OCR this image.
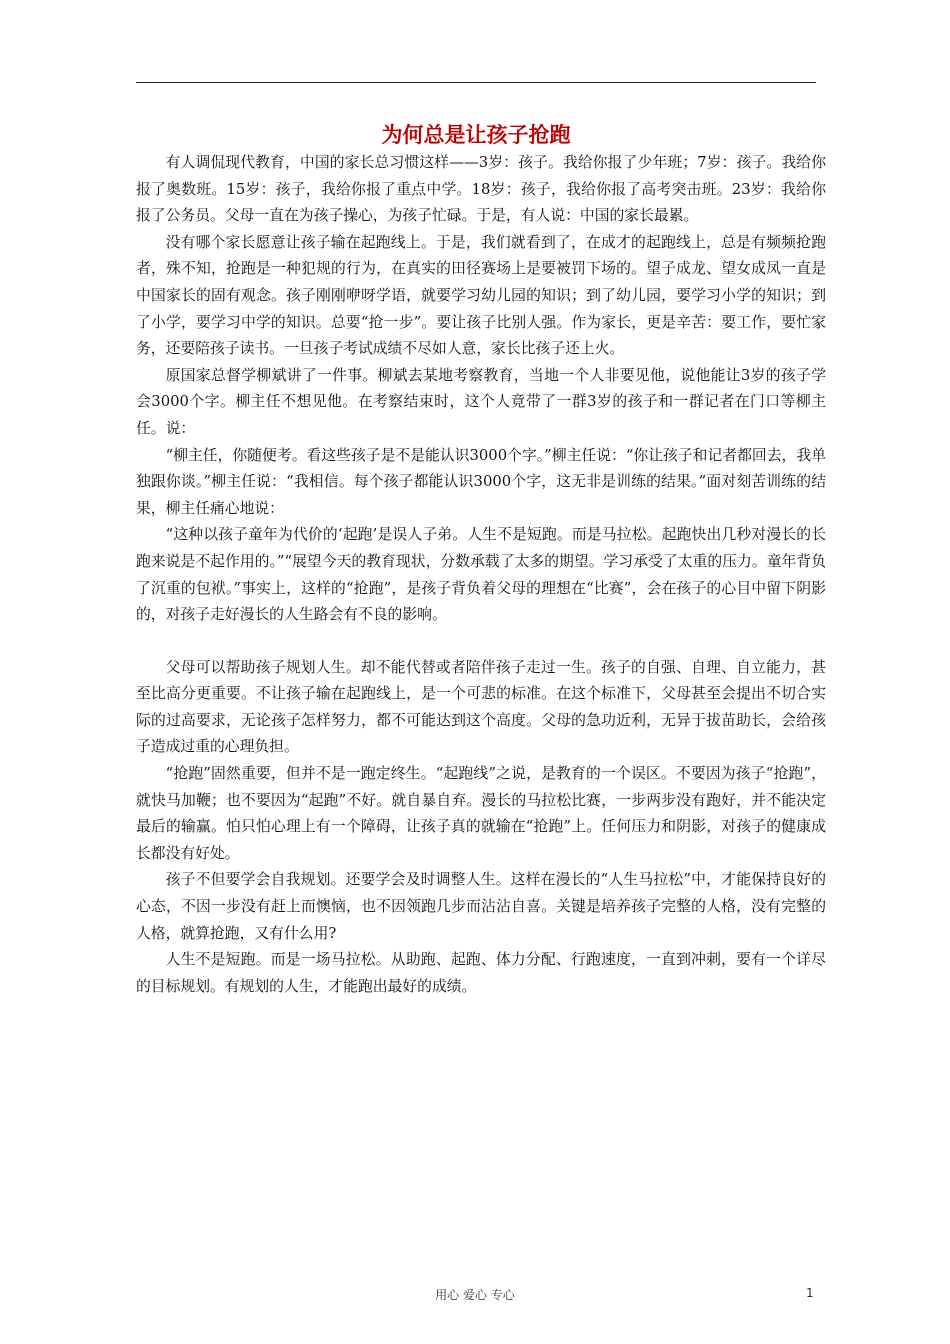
为何总是让孩子抢跑

有人调侃现代教育，中国的家长总习惯这样——3岁：孩子。我给你报了少年班；7岁：孩子。我给你报了奥数班。15岁：孩子，我给你报了重点中学。18岁：孩子，我给你报了高考突击班。23岁：我给你报了公务员。父母一直在为孩子操心，为孩子忙碌。于是，有人说：中国的家长最累。

没有哪个家长愿意让孩子输在起跑线上。于是，我们就看到了，在成才的起跑线上，总是有频频抢跑者，殊不知，抢跑是一种犯规的行为，在真实的田径赛场上是要被罚下场的。望子成龙、望女成凤一直是中国家长的固有观念。孩子刚刚咿呀学语，就要学习幼儿园的知识；到了幼儿园，要学习小学的知识；到了小学，要学习中学的知识。总要“抢一步”。要让孩子比别人强。作为家长，更是辛苦：要工作，要忙家务，还要陪孩子读书。一旦孩子考试成绩不尽如人意，家长比孩子还上火。

原国家总督学柳斌讲了一件事。柳斌去某地考察教育，当地一个人非要见他，说他能让3岁的孩子学会3000个字。柳主任不想见他。在考察结束时，这个人竟带了一群3岁的孩子和一群记者在门口等柳主任。说：

“柳主任，你随便考。看这些孩子是不是能认识3000个字。”柳主任说：“你让孩子和记者都回去，我单独跟你谈。”柳主任说：“我相信。每个孩子都能认识3000个字，这无非是训练的结果。”面对刻苦训练的结果，柳主任痛心地说：

“这种以孩子童年为代价的‘起跑’是误人子弟。人生不是短跑。而是马拉松。起跑快出几秒对漫长的长跑来说是不起作用的。”“展望今天的教育现状，分数承载了太多的期望。学习承受了太重的压力。童年背负了沉重的包袱。”事实上，这样的“抢跑”，是孩子背负着父母的理想在“比赛”，会在孩子的心目中留下阴影的，对孩子走好漫长的人生路会有不良的影响。

父母可以帮助孩子规划人生。却不能代替或者陪伴孩子走过一生。孩子的自强、自理、自立能力，甚至比高分更重要。不让孩子输在起跑线上，是一个可悲的标准。在这个标准下，父母甚至会提出不切合实际的过高要求，无论孩子怎样努力，都不可能达到这个高度。父母的急功近利，无异于拔苗助长，会给孩子造成过重的心理负担。

“抢跑”固然重要，但并不是一跑定终生。“起跑线”之说，是教育的一个误区。不要因为孩子“抢跑”，就快马加鞭；也不要因为“起跑”不好。就自暴自弃。漫长的马拉松比赛，一步两步没有跑好，并不能决定最后的输赢。怕只怕心理上有一个障碍，让孩子真的就输在“抢跑”上。任何压力和阴影，对孩子的健康成长都没有好处。

孩子不但要学会自我规划。还要学会及时调整人生。这样在漫长的“人生马拉松”中，才能保持良好的心态，不因一步没有赶上而懊恼，也不因领跑几步而沾沾自喜。关键是培养孩子完整的人格，没有完整的人格，就算抢跑，又有什么用?

人生不是短跑。而是一场马拉松。从助跑、起跑、体力分配、行跑速度，一直到冲刺，要有一个详尽的目标规划。有规划的人生，才能跑出最好的成绩。

用心 爱心 专心	1
